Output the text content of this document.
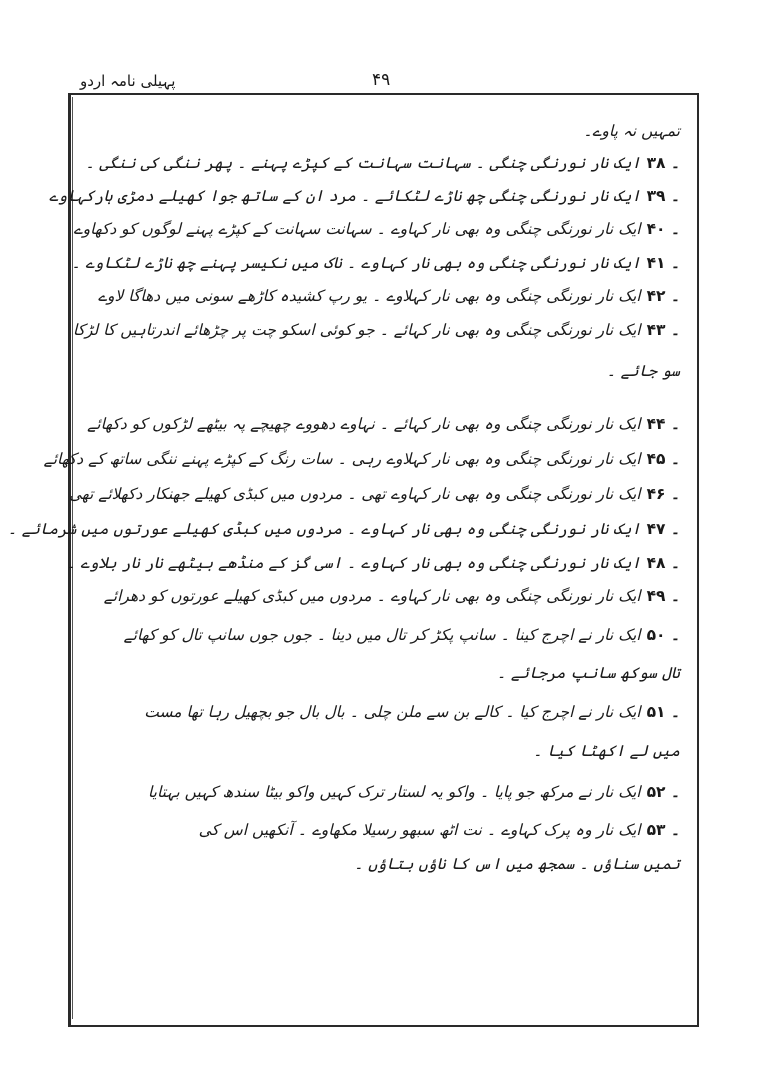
پہیلی نامہ اردو	۴۹
تمہیں نہ پاوے۔
۳۸ ۔ایک نار نورنگی چنگی ۔ سہانت سہانت کے کپڑے پہنے ۔ پھر ننگی کی ننگی ۔
۳۹ ۔ایک نار نورنگی چنگی چھ ناڑے لٹکائے ۔ مرد ان کے ساتھ جوا کھیلے دمڑی ہارکہاوے
۴۰ ۔ایک نار نورنگی چنگی وہ بھی نار کہاوے ۔ سہانت سہانت کے کپڑے پہنے لوگوں کو دکھاوے
۴۱ ۔ایک نار نورنگی چنگی وہ بھی نار کہاوے ۔ ناک میں نکیسر پہنے چھ ناڑے لٹکاوے ۔
۴۲ ۔ایک نار نورنگی چنگی وہ بھی نار کہلاوے ۔ یو رپ کشیدہ کاڑھے سونی میں دھاگا لاوے
۴۳ ۔ایک نار نورنگی چنگی وہ بھی نار کہائے ۔ جو کوئی اسکو چت پر چڑھائے اندرتاہیں کا لڑکا
سو جائے ۔
۴۴ ۔ایک نار نورنگی چنگی وہ بھی نار کہائے ۔ نہاوے دھووے چھیچے پہ بیٹھے لڑکوں کو دکھائے
۴۵ ۔ایک نار نورنگی چنگی وہ بھی نار کہلاوے رہی ۔ سات رنگ کے کپڑے پہنے ننگی ساتھ کے دکھائے
۴۶ ۔ایک نار نورنگی چنگی وہ بھی نار کہاوے تھی ۔ مردوں میں کبڈی کھیلے جھنکار دکھلائے تھی
۴۷ ۔ایک نار نورنگی چنگی وہ بھی نار کہاوے ۔ مردوں میں کبڈی کھیلے عورتوں میں شرمائے ۔
۴۸ ۔ایک نار نورنگی چنگی وہ بھی نار کہاوے ۔ اسی گز کے منڈھے بیٹھے نار نار بلاوے ۔
۴۹ ۔ایک نار نورنگی چنگی وہ بھی نار کہاوے ۔ مردوں میں کبڈی کھیلے عورتوں کو دھرائے
۵۰ ۔ایک نار نے اچرج کینا ۔ سانپ پکڑ کر تال میں دینا ۔ جوں جوں سانپ تال کو کھائے
تال سوکھ سانپ مرجائے ۔
۵۱ ۔ایک نار نے اچرج کیا ۔ کالے بن سے ملن چلی ۔ بال بال جو بچھیل رہا تھا مست
میں لے اکھٹا کیا ۔
۵۲ ۔ایک نار نے مرکھ جو پایا ۔ واکو یہ لستار ترک کہیں واکو بیٹا سندھ کہیں بہتایا
۵۳ ۔ایک نار وہ پرک کہاوے ۔ نت اٹھ سبھو رسیلا مکھاوے ۔ آنکھیں اس کی
تمیں سناؤں ۔ سمجھ میں اس کا ناؤں بتاؤں ۔
